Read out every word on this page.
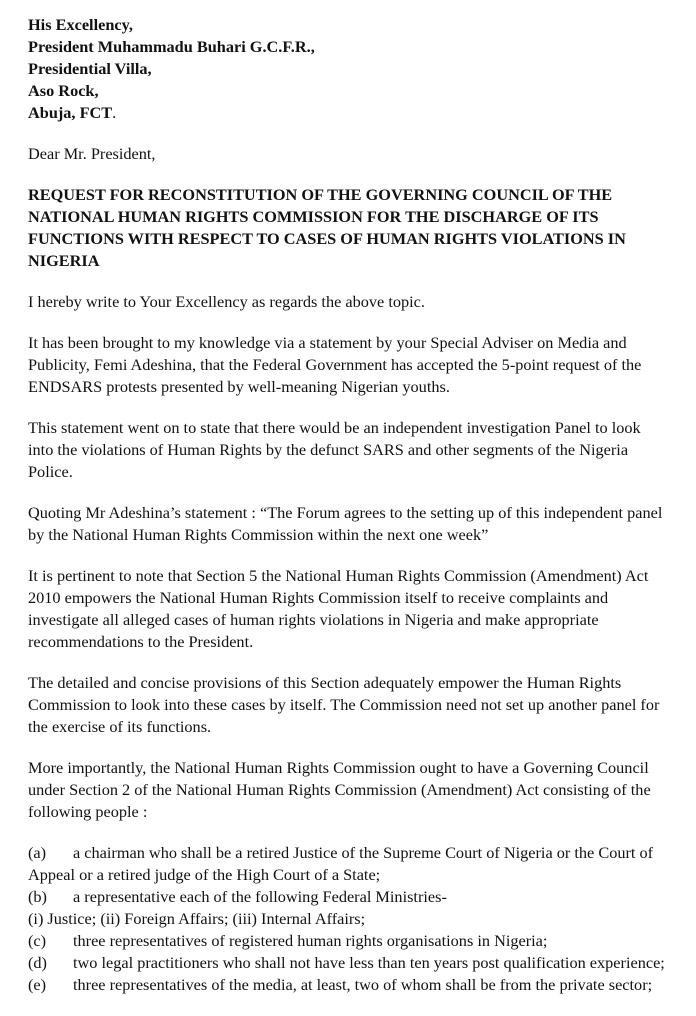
His Excellency,

President Muhammadu Buhari G.C.F.R.,

Presidential Villa,

Aso Rock,

Abuja, FCT.

Dear Mr. President,

REQUEST FOR RECONSTITUTION OF THE GOVERNING COUNCIL OF THE NATIONAL HUMAN RIGHTS COMMISSION FOR THE DISCHARGE OF ITS FUNCTIONS WITH RESPECT TO CASES OF HUMAN RIGHTS VIOLATIONS IN NIGERIA

I hereby write to Your Excellency as regards the above topic.

It has been brought to my knowledge via a statement by your Special Adviser on Media and Publicity, Femi Adeshina, that the Federal Government has accepted the 5-point request of the ENDSARS protests presented by well-meaning Nigerian youths.

This statement went on to state that there would be an independent investigation Panel to look into the violations of Human Rights by the defunct SARS and other segments of the Nigeria Police.

Quoting Mr Adeshina’s statement : “The Forum agrees to the setting up of this independent panel by the National Human Rights Commission within the next one week”

It is pertinent to note that Section 5 the National Human Rights Commission (Amendment) Act 2010 empowers the National Human Rights Commission itself to receive complaints and investigate all alleged cases of human rights violations in Nigeria and make appropriate recommendations to the President.

The detailed and concise provisions of this Section adequately empower the Human Rights Commission to look into these cases by itself. The Commission need not set up another panel for the exercise of its functions.

More importantly, the National Human Rights Commission ought to have a Governing Council under Section 2 of the National Human Rights Commission (Amendment) Act consisting of the following people :

(a) a chairman who shall be a retired Justice of the Supreme Court of Nigeria or the Court of Appeal or a retired judge of the High Court of a State;

(b) a representative each of the following Federal Ministries-

(i) Justice; (ii) Foreign Affairs; (iii) Internal Affairs;

(c) three representatives of registered human rights organisations in Nigeria;

(d) two legal practitioners who shall not have less than ten years post qualification experience;

(e) three representatives of the media, at least, two of whom shall be from the private sector;
